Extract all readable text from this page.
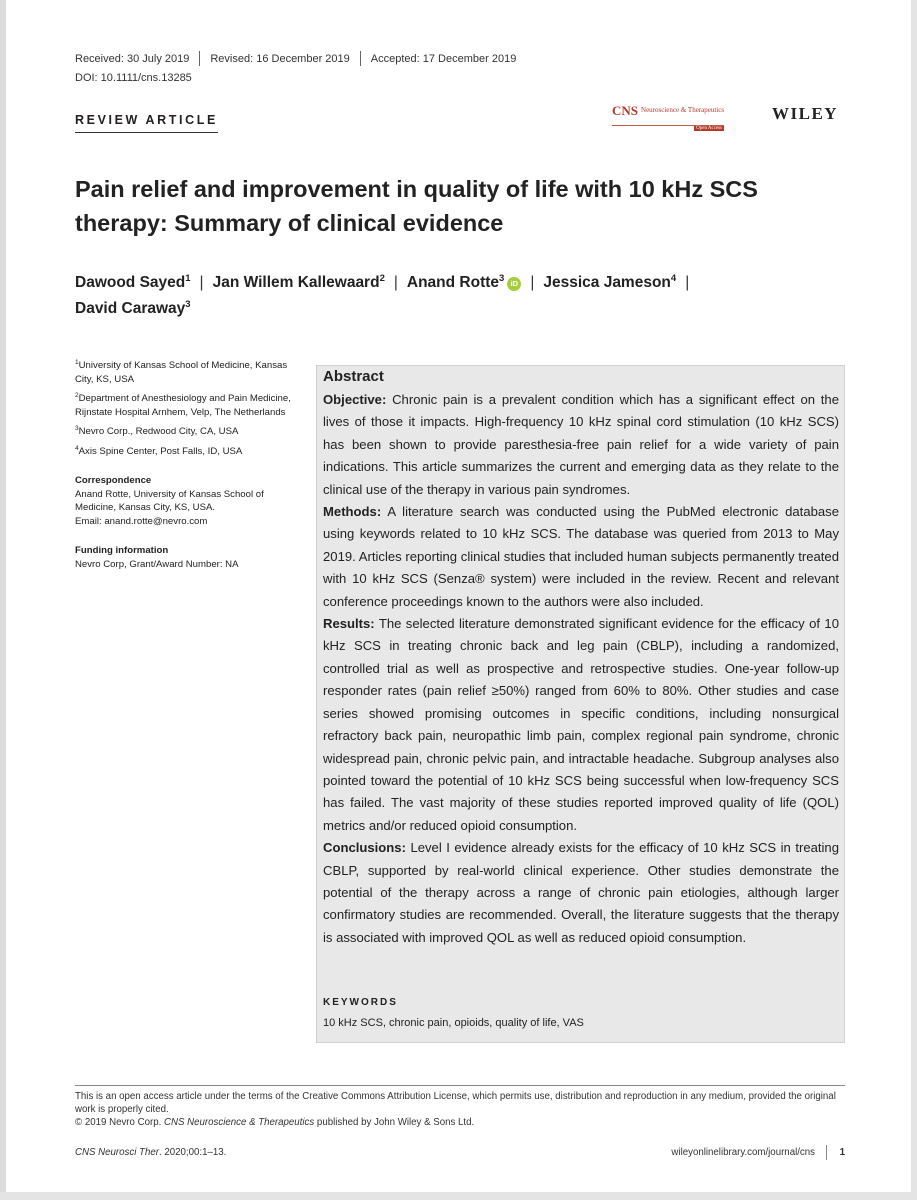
Received: 30 July 2019 Revised: 16 December 2019 Accepted: 17 December 2019
DOI: 10.1111/cns.13285
REVIEW ARTICLE
CNS Neuroscience & Therapeutics
Open Access
WILEY
Pain relief and improvement in quality of life with 10 kHz SCS therapy: Summary of clinical evidence
Dawood Sayed$^1$ | Jan Willem Kallewaard$^2$ | Anand Rotte$^3$ iD | Jessica Jameson$^4$ |
David Caraway$^3$
$^1$University of Kansas School of Medicine, Kansas City, KS, USA
$^2$Department of Anesthesiology and Pain Medicine, Rijnstate Hospital Arnhem, Velp, The Netherlands
$^3$Nevro Corp., Redwood City, CA, USA
$^4$Axis Spine Center, Post Falls, ID, USA
Correspondence
Anand Rotte, University of Kansas School of Medicine, Kansas City, KS, USA.
Email: anand.rotte@nevro.com
Funding information
Nevro Corp, Grant/Award Number: NA
Abstract

Objective: Chronic pain is a prevalent condition which has a significant effect on the lives of those it impacts. High-frequency 10 kHz spinal cord stimulation (10 kHz SCS) has been shown to provide paresthesia-free pain relief for a wide variety of pain indications. This article summarizes the current and emerging data as they relate to the clinical use of the therapy in various pain syndromes.

Methods: A literature search was conducted using the PubMed electronic database using keywords related to 10 kHz SCS. The database was queried from 2013 to May 2019. Articles reporting clinical studies that included human subjects permanently treated with 10 kHz SCS (Senza® system) were included in the review. Recent and relevant conference proceedings known to the authors were also included.

Results: The selected literature demonstrated significant evidence for the efficacy of 10 kHz SCS in treating chronic back and leg pain (CBLP), including a randomized, controlled trial as well as prospective and retrospective studies. One-year follow-up responder rates (pain relief ≥50%) ranged from 60% to 80%. Other studies and case series showed promising outcomes in specific conditions, including nonsurgical refractory back pain, neuropathic limb pain, complex regional pain syndrome, chronic widespread pain, chronic pelvic pain, and intractable headache. Subgroup analyses also pointed toward the potential of 10 kHz SCS being successful when low-frequency SCS has failed. The vast majority of these studies reported improved quality of life (QOL) metrics and/or reduced opioid consumption.

Conclusions: Level I evidence already exists for the efficacy of 10 kHz SCS in treating CBLP, supported by real-world clinical experience. Other studies demonstrate the potential of the therapy across a range of chronic pain etiologies, although larger confirmatory studies are recommended. Overall, the literature suggests that the therapy is associated with improved QOL as well as reduced opioid consumption.

KEYWORDS
10 kHz SCS, chronic pain, opioids, quality of life, VAS
This is an open access article under the terms of the Creative Commons Attribution License, which permits use, distribution and reproduction in any medium, provided the original work is properly cited.
© 2019 Nevro Corp. CNS Neuroscience & Therapeutics published by John Wiley & Sons Ltd.
CNS Neurosci Ther. 2020;00:1–13.	wileyonlinelibrary.com/journal/cns	1
